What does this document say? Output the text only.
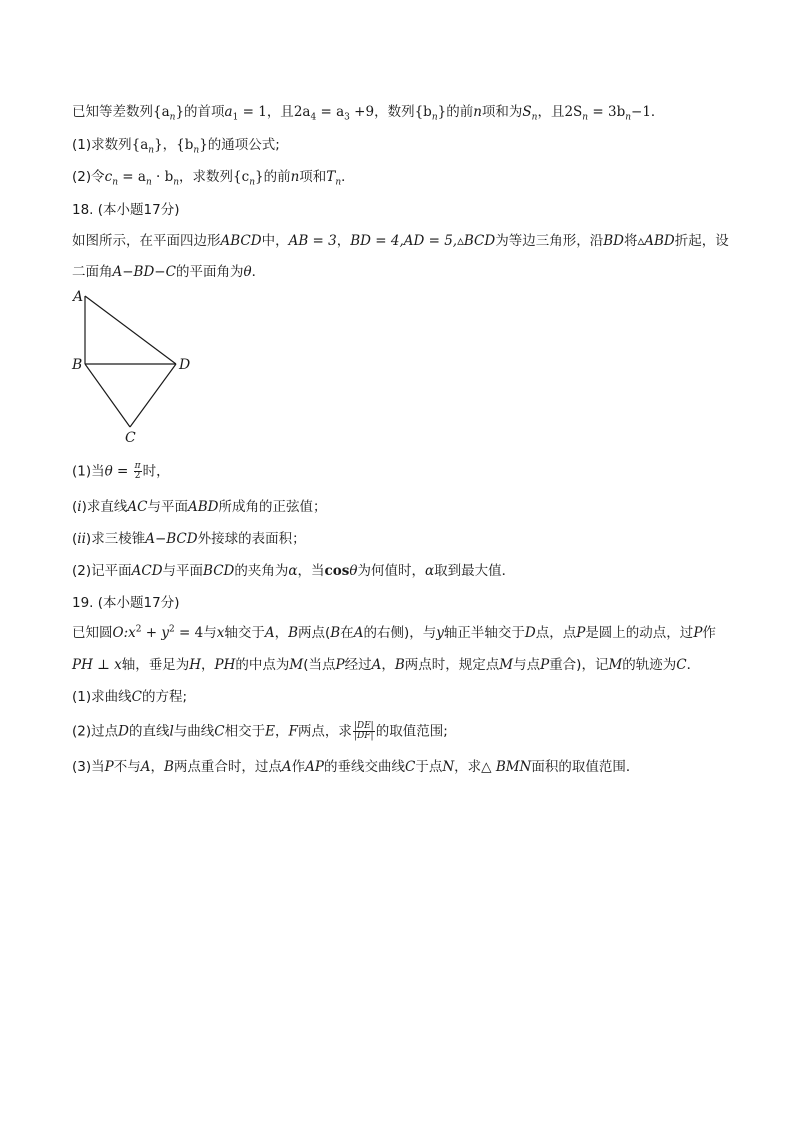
已知等差数列$\{a_n\}$的首项$a_1 = 1$，且$2a_4 = a_3 +9$，数列$\{b_n\}$的前n项和为$S_n$，且$2S_n = 3b_n-1$．
(1)求数列$\{a_n\}$，$\{b_n\}$的通项公式;
(2)令$c_n = a_n \cdot b_n$，求数列$\{c_n\}$的前n项和$T_n$．
18. (本小题17分)
如图所示，在平面四边形ABCD中，AB = 3，BD = 4,AD = 5,▵BCD为等边三角形，沿BD将▵ABD折起，设
二面角A−BD−C的平面角为θ．
A
B	D
C
(1)当$\theta = \frac{\pi}{2}$ 时，
(i)求直线AC与平面ABD所成角的正弦值；
(ii)求三棱锥A−BCD外接球的表面积；
(2)记平面ACD与平面BCD的夹角为α，当cosθ为何值时，α取到最大值．
19. (本小题17分)
已知圆$O:x^2 + y^2 = 4$与x轴交于A，B两点(B在A的右侧)，与y轴正半轴交于D点，点P是圆上的动点，过P作
PH ⊥ x轴，垂足为H，PH的中点为M(当点P经过A，B两点时，规定点M与点P重合)，记M的轨迹为C．
(1)求曲线C的方程;
(2)过点D的直线l与曲线C相交于E，F两点，求 $\frac{|DE|}{|DF|}$ 的取值范围;
(3)当P不与A，B两点重合时，过点A作AP的垂线交曲线C于点N，求△ BMN面积的取值范围．
